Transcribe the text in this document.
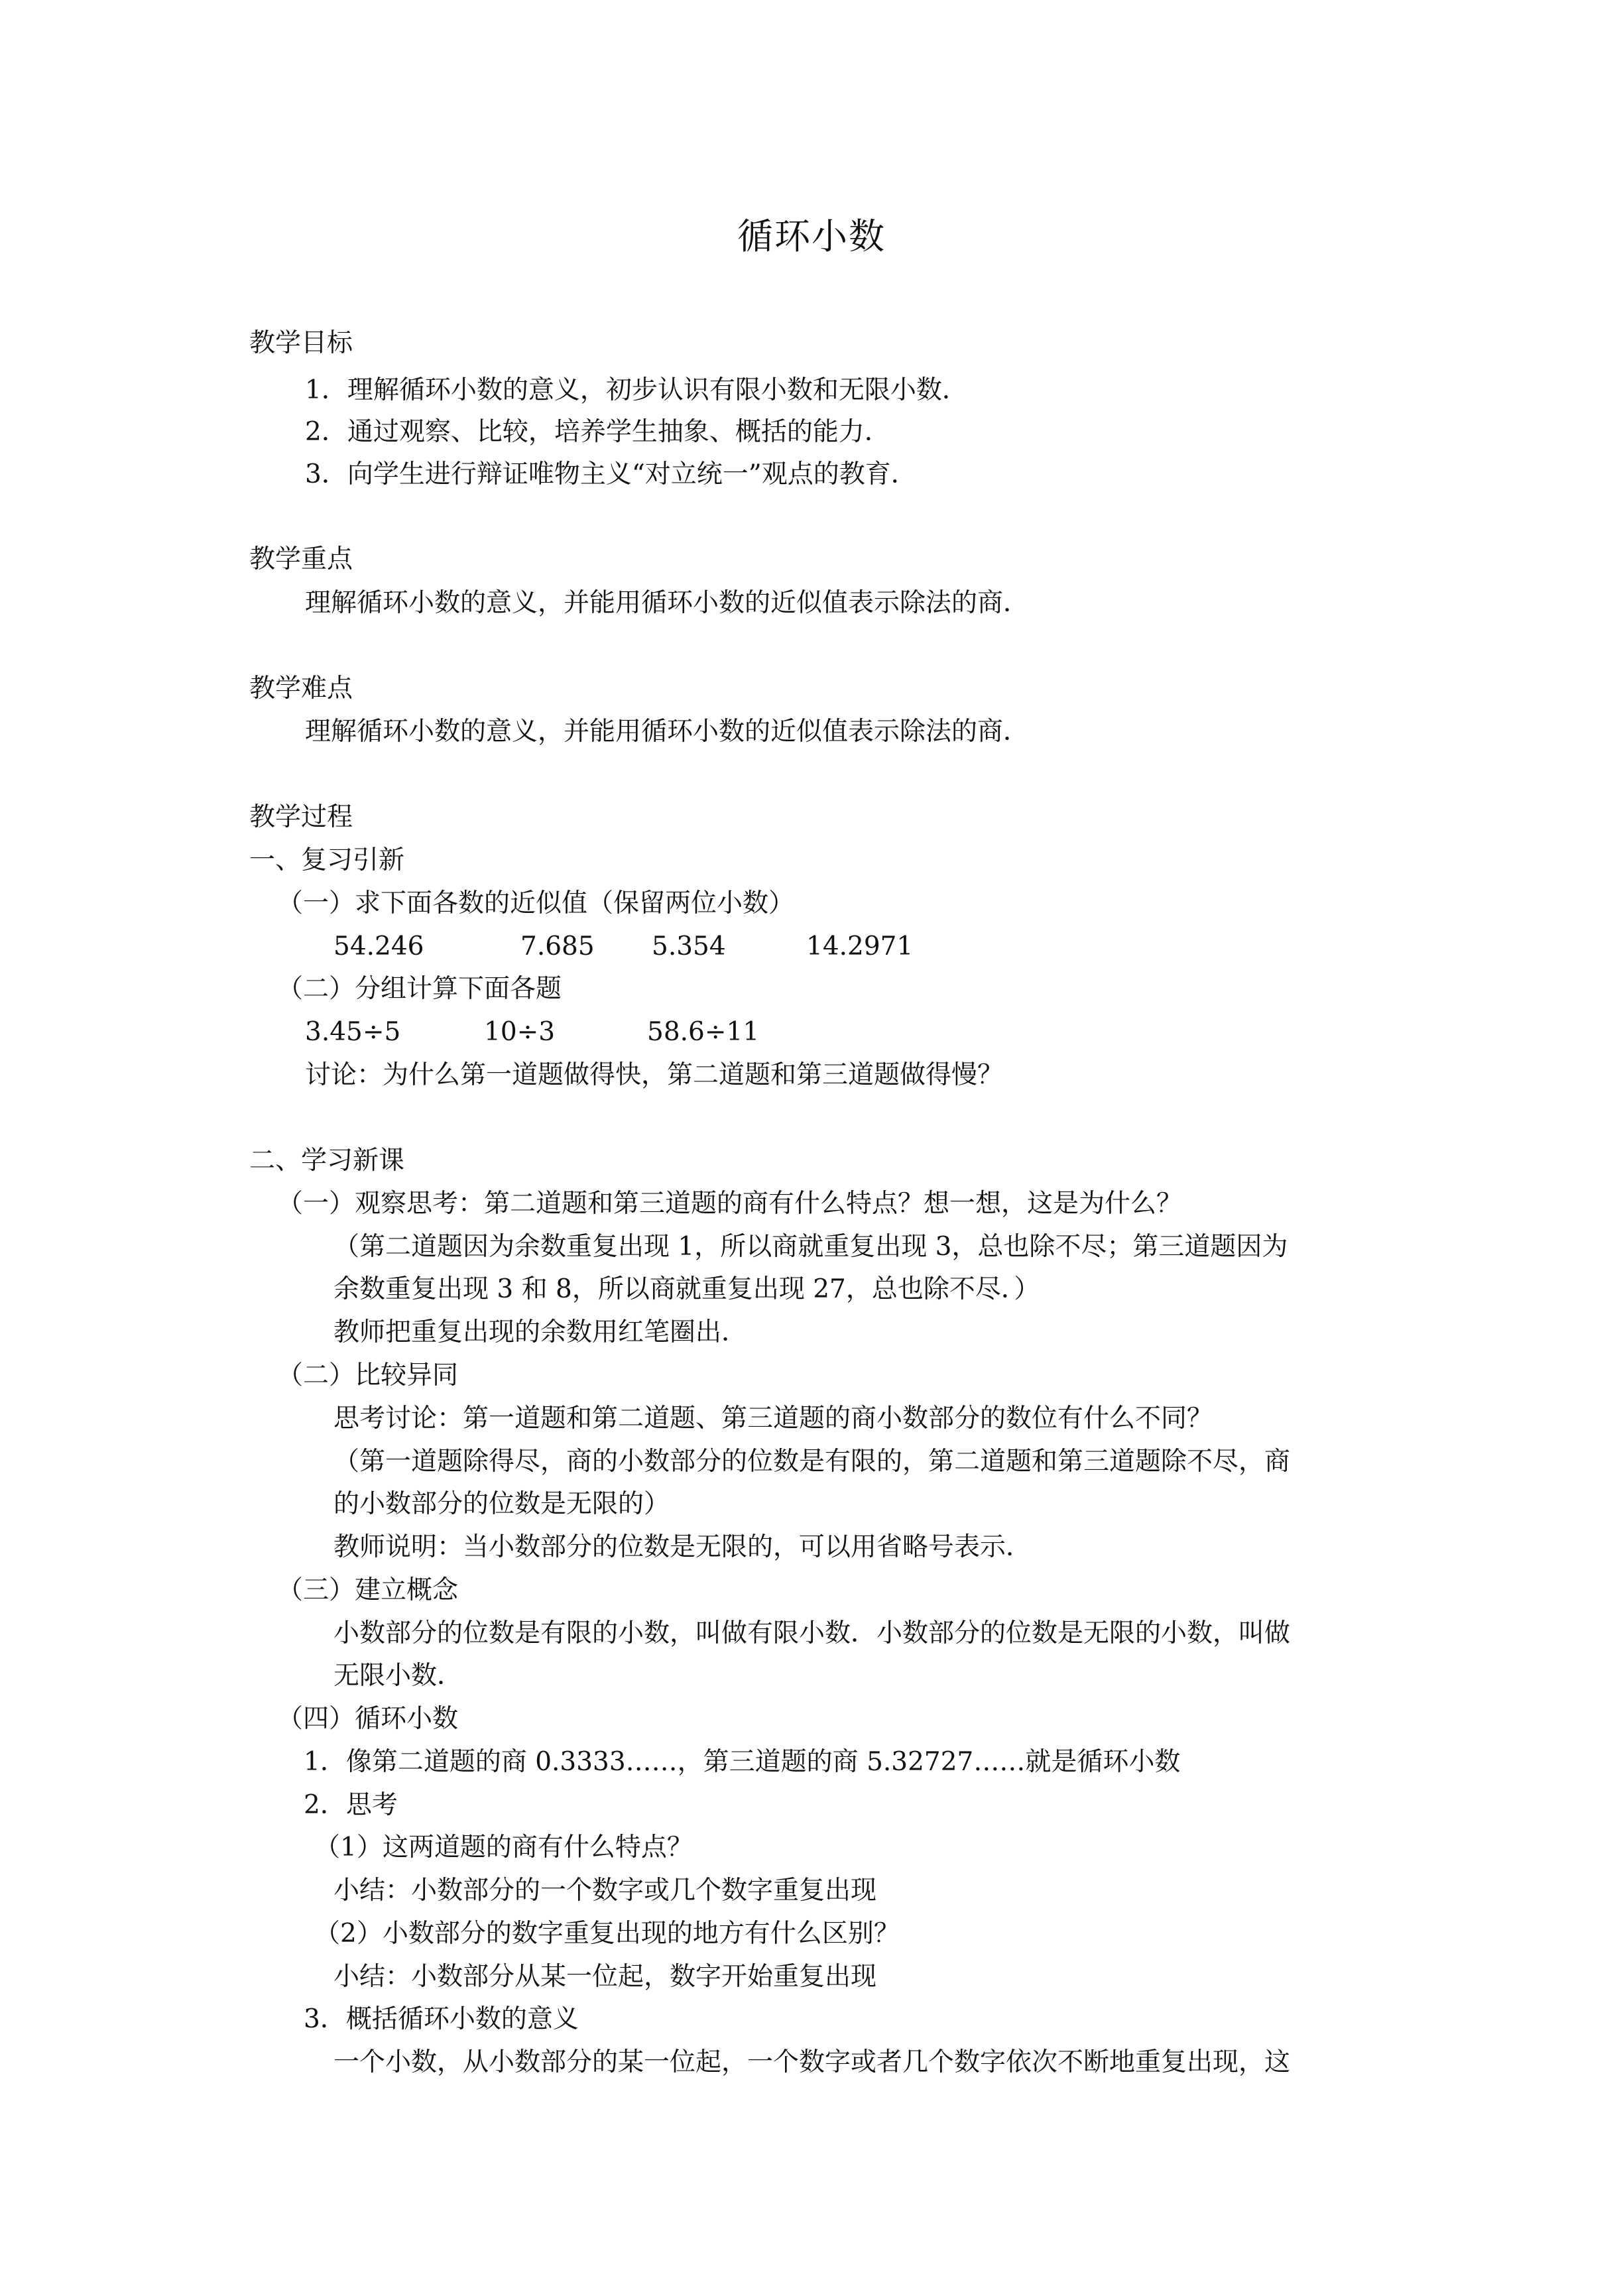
循环小数
教学目标
1．理解循环小数的意义，初步认识有限小数和无限小数．
2．通过观察、比较，培养学生抽象、概括的能力．
3．向学生进行辩证唯物主义“对立统一”观点的教育．
教学重点
理解循环小数的意义，并能用循环小数的近似值表示除法的商．
教学难点
理解循环小数的意义，并能用循环小数的近似值表示除法的商．
教学过程
一、复习引新
（一）求下面各数的近似值（保留两位小数）
54.246	7.685 5.354	14.2971
（二）分组计算下面各题
3.45÷5	10÷3	58.6÷11
讨论：为什么第一道题做得快，第二道题和第三道题做得慢？
二、学习新课
（一）观察思考：第二道题和第三道题的商有什么特点？想一想，这是为什么？
（第二道题因为余数重复出现 1，所以商就重复出现 3，总也除不尽；第三道题因为
余数重复出现 3 和 8，所以商就重复出现 27，总也除不尽．）
教师把重复出现的余数用红笔圈出．
（二）比较异同
思考讨论：第一道题和第二道题、第三道题的商小数部分的数位有什么不同？
（第一道题除得尽，商的小数部分的位数是有限的，第二道题和第三道题除不尽，商
的小数部分的位数是无限的）
教师说明：当小数部分的位数是无限的，可以用省略号表示．
（三）建立概念
小数部分的位数是有限的小数，叫做有限小数．小数部分的位数是无限的小数，叫做
无限小数．
（四）循环小数
1．像第二道题的商 0.3333……，第三道题的商 5.32727……就是循环小数
2．思考
（1）这两道题的商有什么特点？
小结：小数部分的一个数字或几个数字重复出现
（2）小数部分的数字重复出现的地方有什么区别？
小结：小数部分从某一位起，数字开始重复出现
3．概括循环小数的意义
一个小数，从小数部分的某一位起，一个数字或者几个数字依次不断地重复出现，这
